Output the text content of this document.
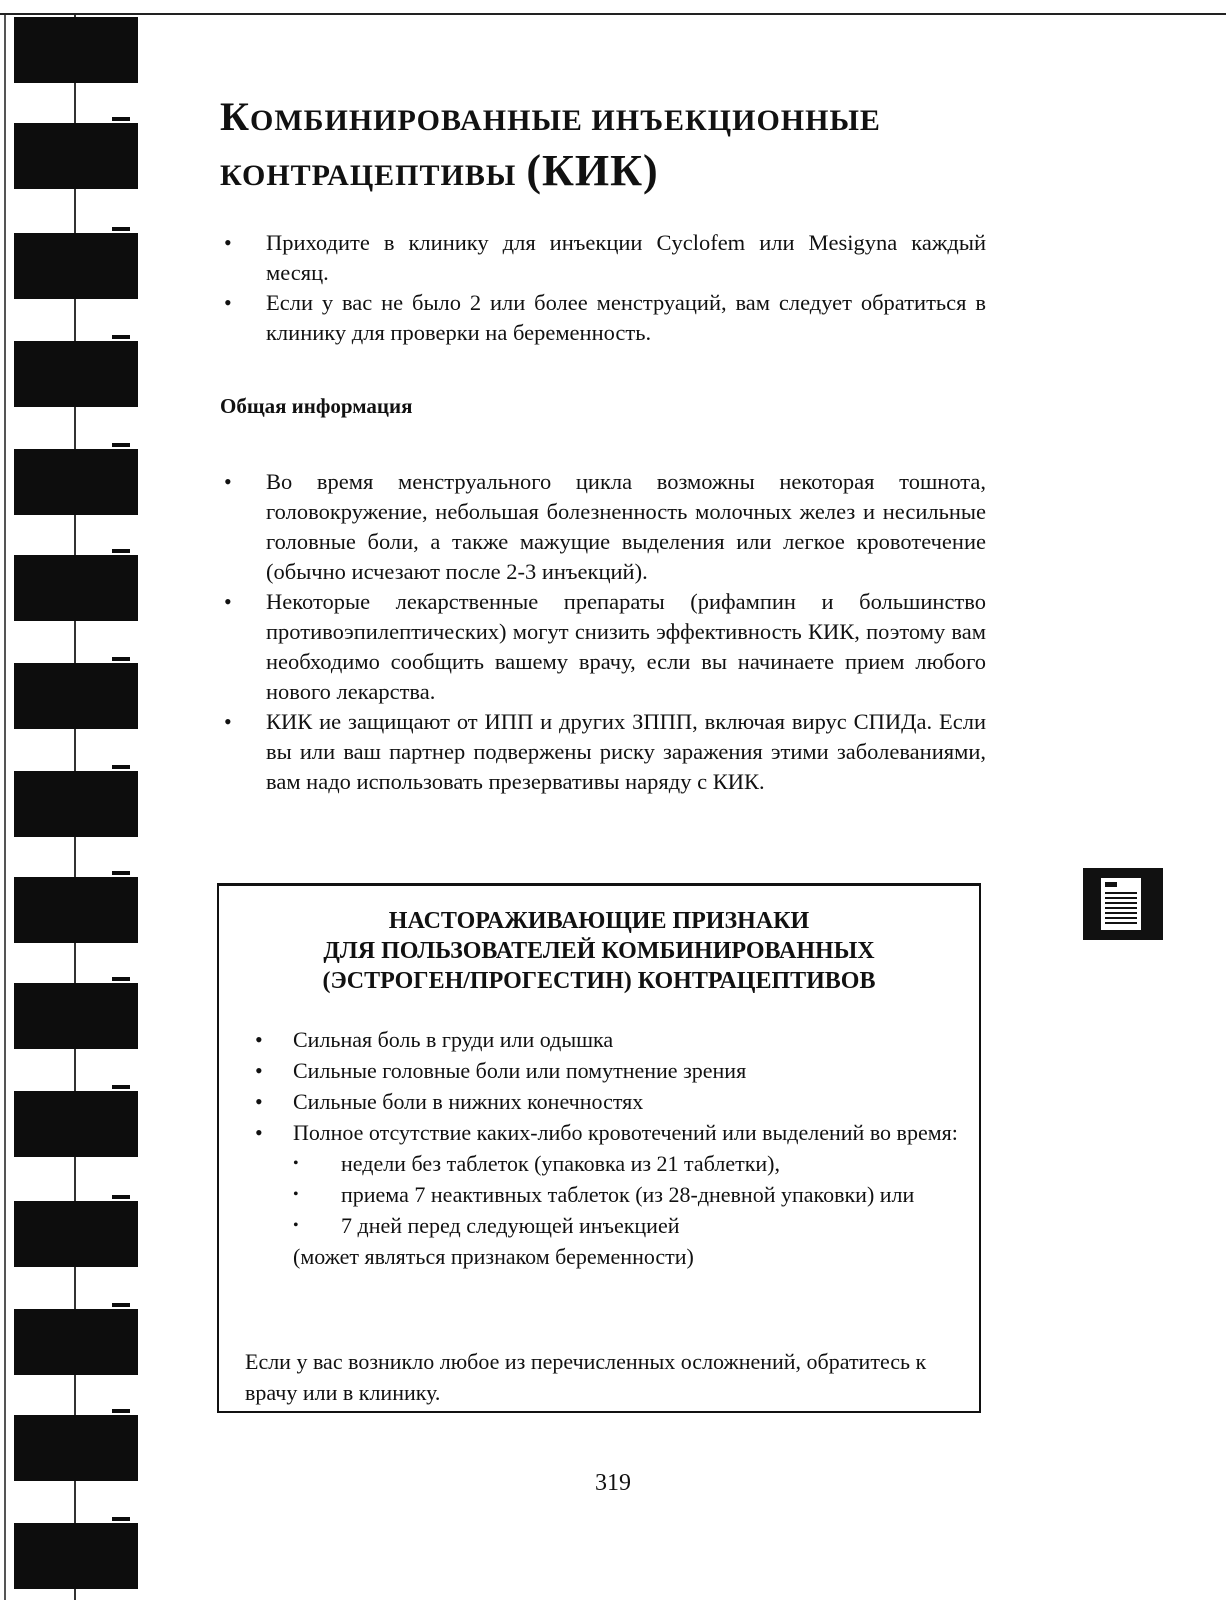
КОМБИНИРОВАННЫЕ ИНЪЕКЦИОННЫЕ
КОНТРАЦЕПТИВЫ (КИК)
• Приходите в клинику для инъекции Cyclofem или Mesigyna каждый месяц.
• Если у вас не было 2 или более менструаций, вам следует обратиться в клинику для проверки на беременность.
Общая информация
• Во время менструального цикла возможны некоторая тошнота, головокружение, небольшая болезненность молочных желез и несильные головные боли, а также мажущие выделения или легкое кровотечение (обычно исчезают после 2-3 инъекций).
• Некоторые лекарственные препараты (рифампин и большинство противоэпилептических) могут снизить эффективность КИК, поэтому вам необходимо сообщить вашему врачу, если вы начинаете прием любого нового лекарства.
• КИК ие защищают от ИПП и других ЗППП, включая вирус СПИДа. Если вы или ваш партнер подвержены риску заражения этими заболеваниями, вам надо использовать презервативы наряду с КИК.
НАСТОРАЖИВАЮЩИЕ ПРИЗНАКИ
ДЛЯ ПОЛЬЗОВАТЕЛЕЙ КОМБИНИРОВАННЫХ
(ЭСТРОГЕН/ПРОГЕСТИН) КОНТРАЦЕПТИВОВ
• Сильная боль в груди или одышка
• Сильные головные боли или помутнение зрения
• Сильные боли в нижних конечностях
• Полное отсутствие каких-либо кровотечений или выделений во время:
• недели без таблеток (упаковка из 21 таблетки),
• приема 7 неактивных таблеток (из 28-дневной упаковки) или
• 7 дней перед следующей инъекцией
(может являться признаком беременности)
Если у вас возникло любое из перечисленных осложнений, обратитесь к врачу или в клинику.
319
